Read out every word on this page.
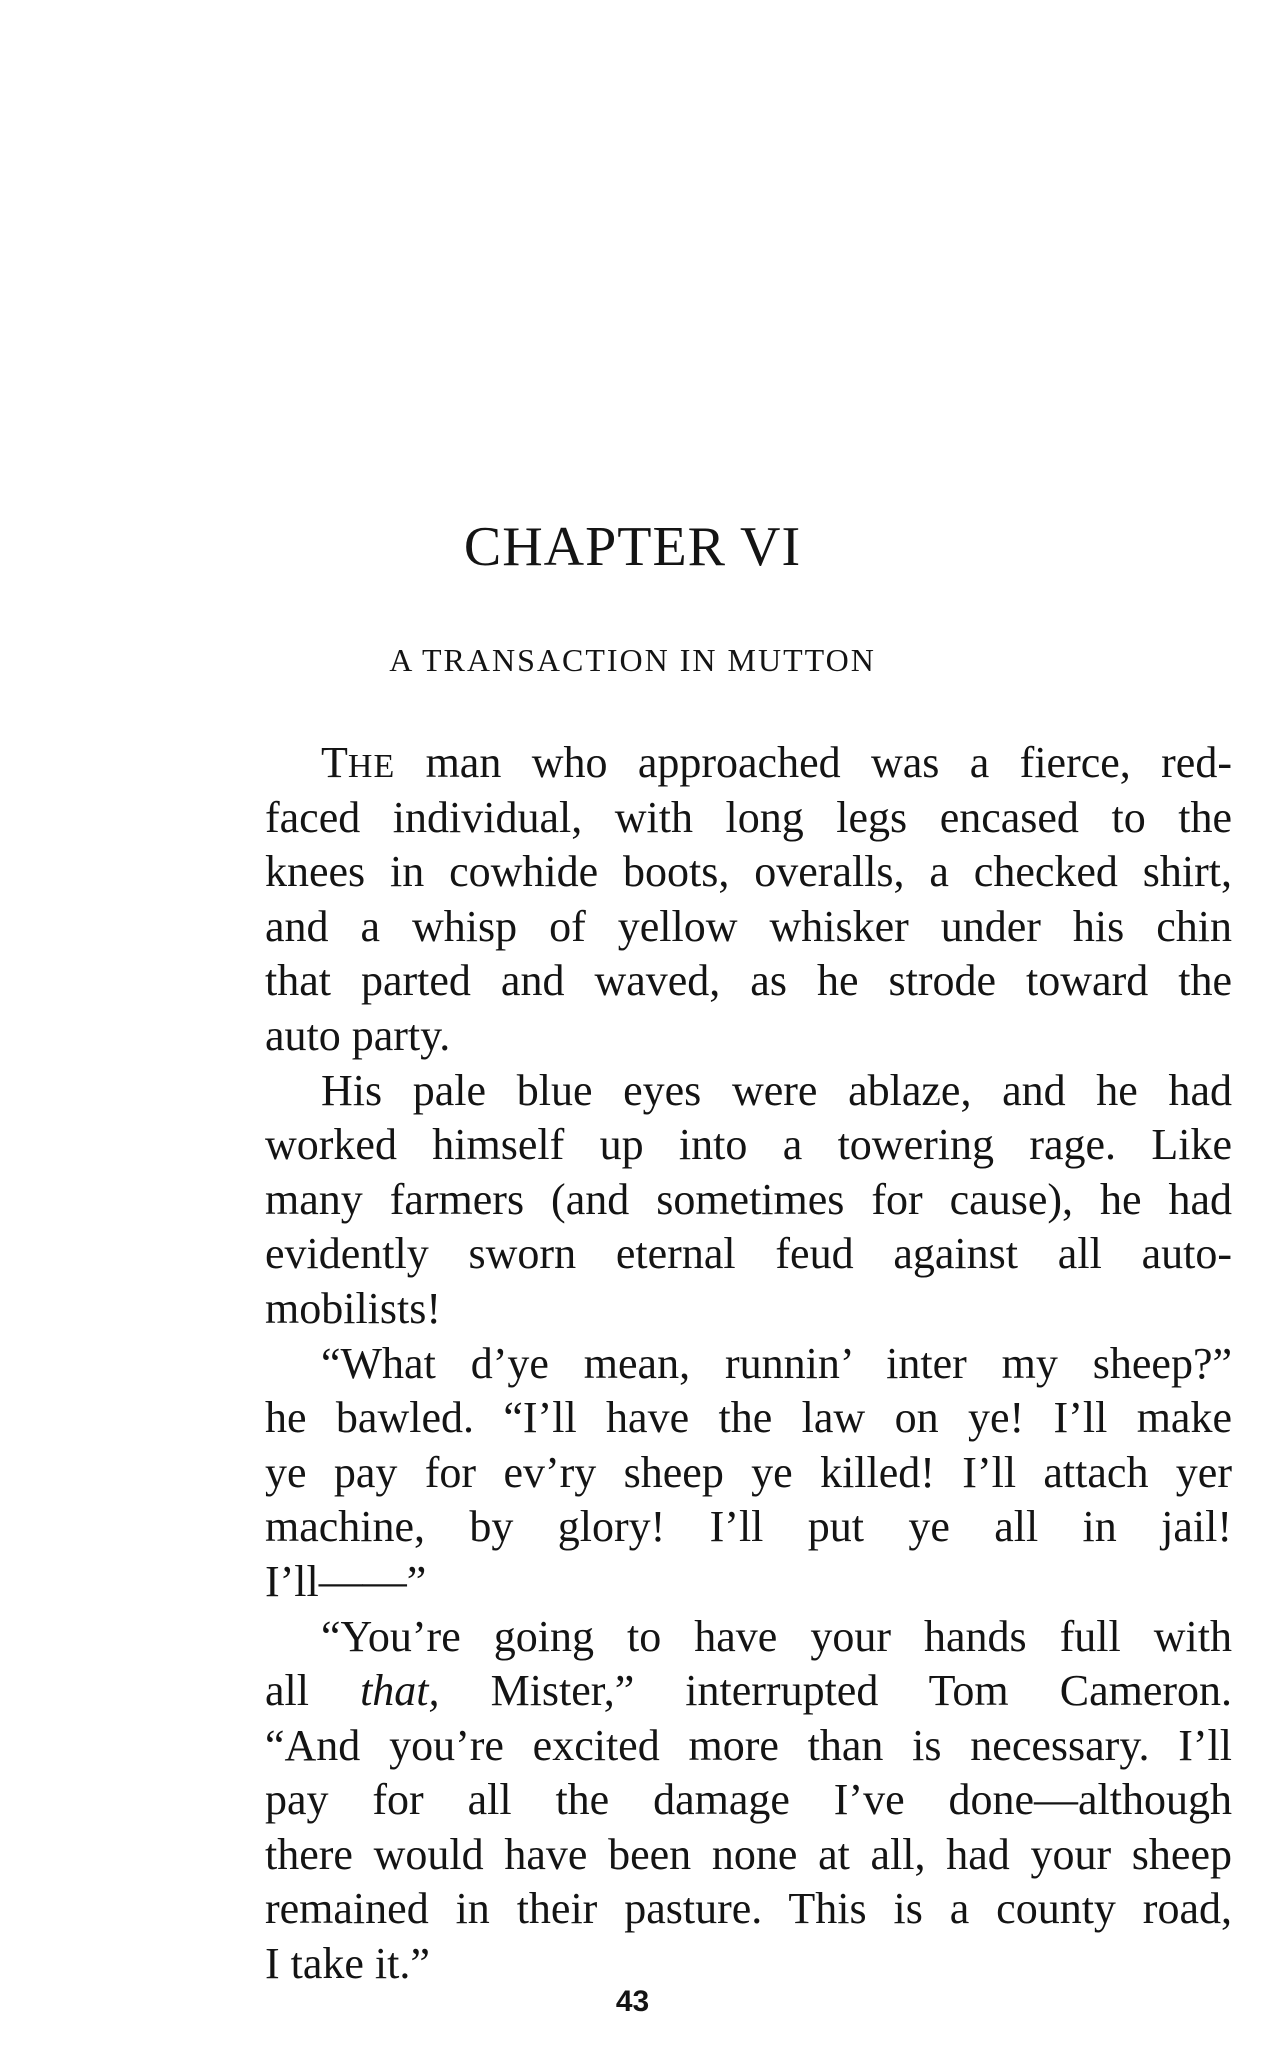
CHAPTER VI
A TRANSACTION IN MUTTON
THE man who approached was a fierce, red-
faced individual, with long legs encased to the
knees in cowhide boots, overalls, a checked shirt,
and a whisp of yellow whisker under his chin
that parted and waved, as he strode toward the
auto party.
His pale blue eyes were ablaze, and he had
worked himself up into a towering rage. Like
many farmers (and sometimes for cause), he had
evidently sworn eternal feud against all auto-
mobilists!
“What d’ye mean, runnin’ inter my sheep?”
he bawled. “I’ll have the law on ye! I’ll make
ye pay for ev’ry sheep ye killed! I’ll attach yer
machine, by glory! I’ll put ye all in jail!
I’ll——”
“You’re going to have your hands full with
all that, Mister,” interrupted Tom Cameron.
“And you’re excited more than is necessary. I’ll
pay for all the damage I’ve done—although
there would have been none at all, had your sheep
remained in their pasture. This is a county road,
I take it.”
43
